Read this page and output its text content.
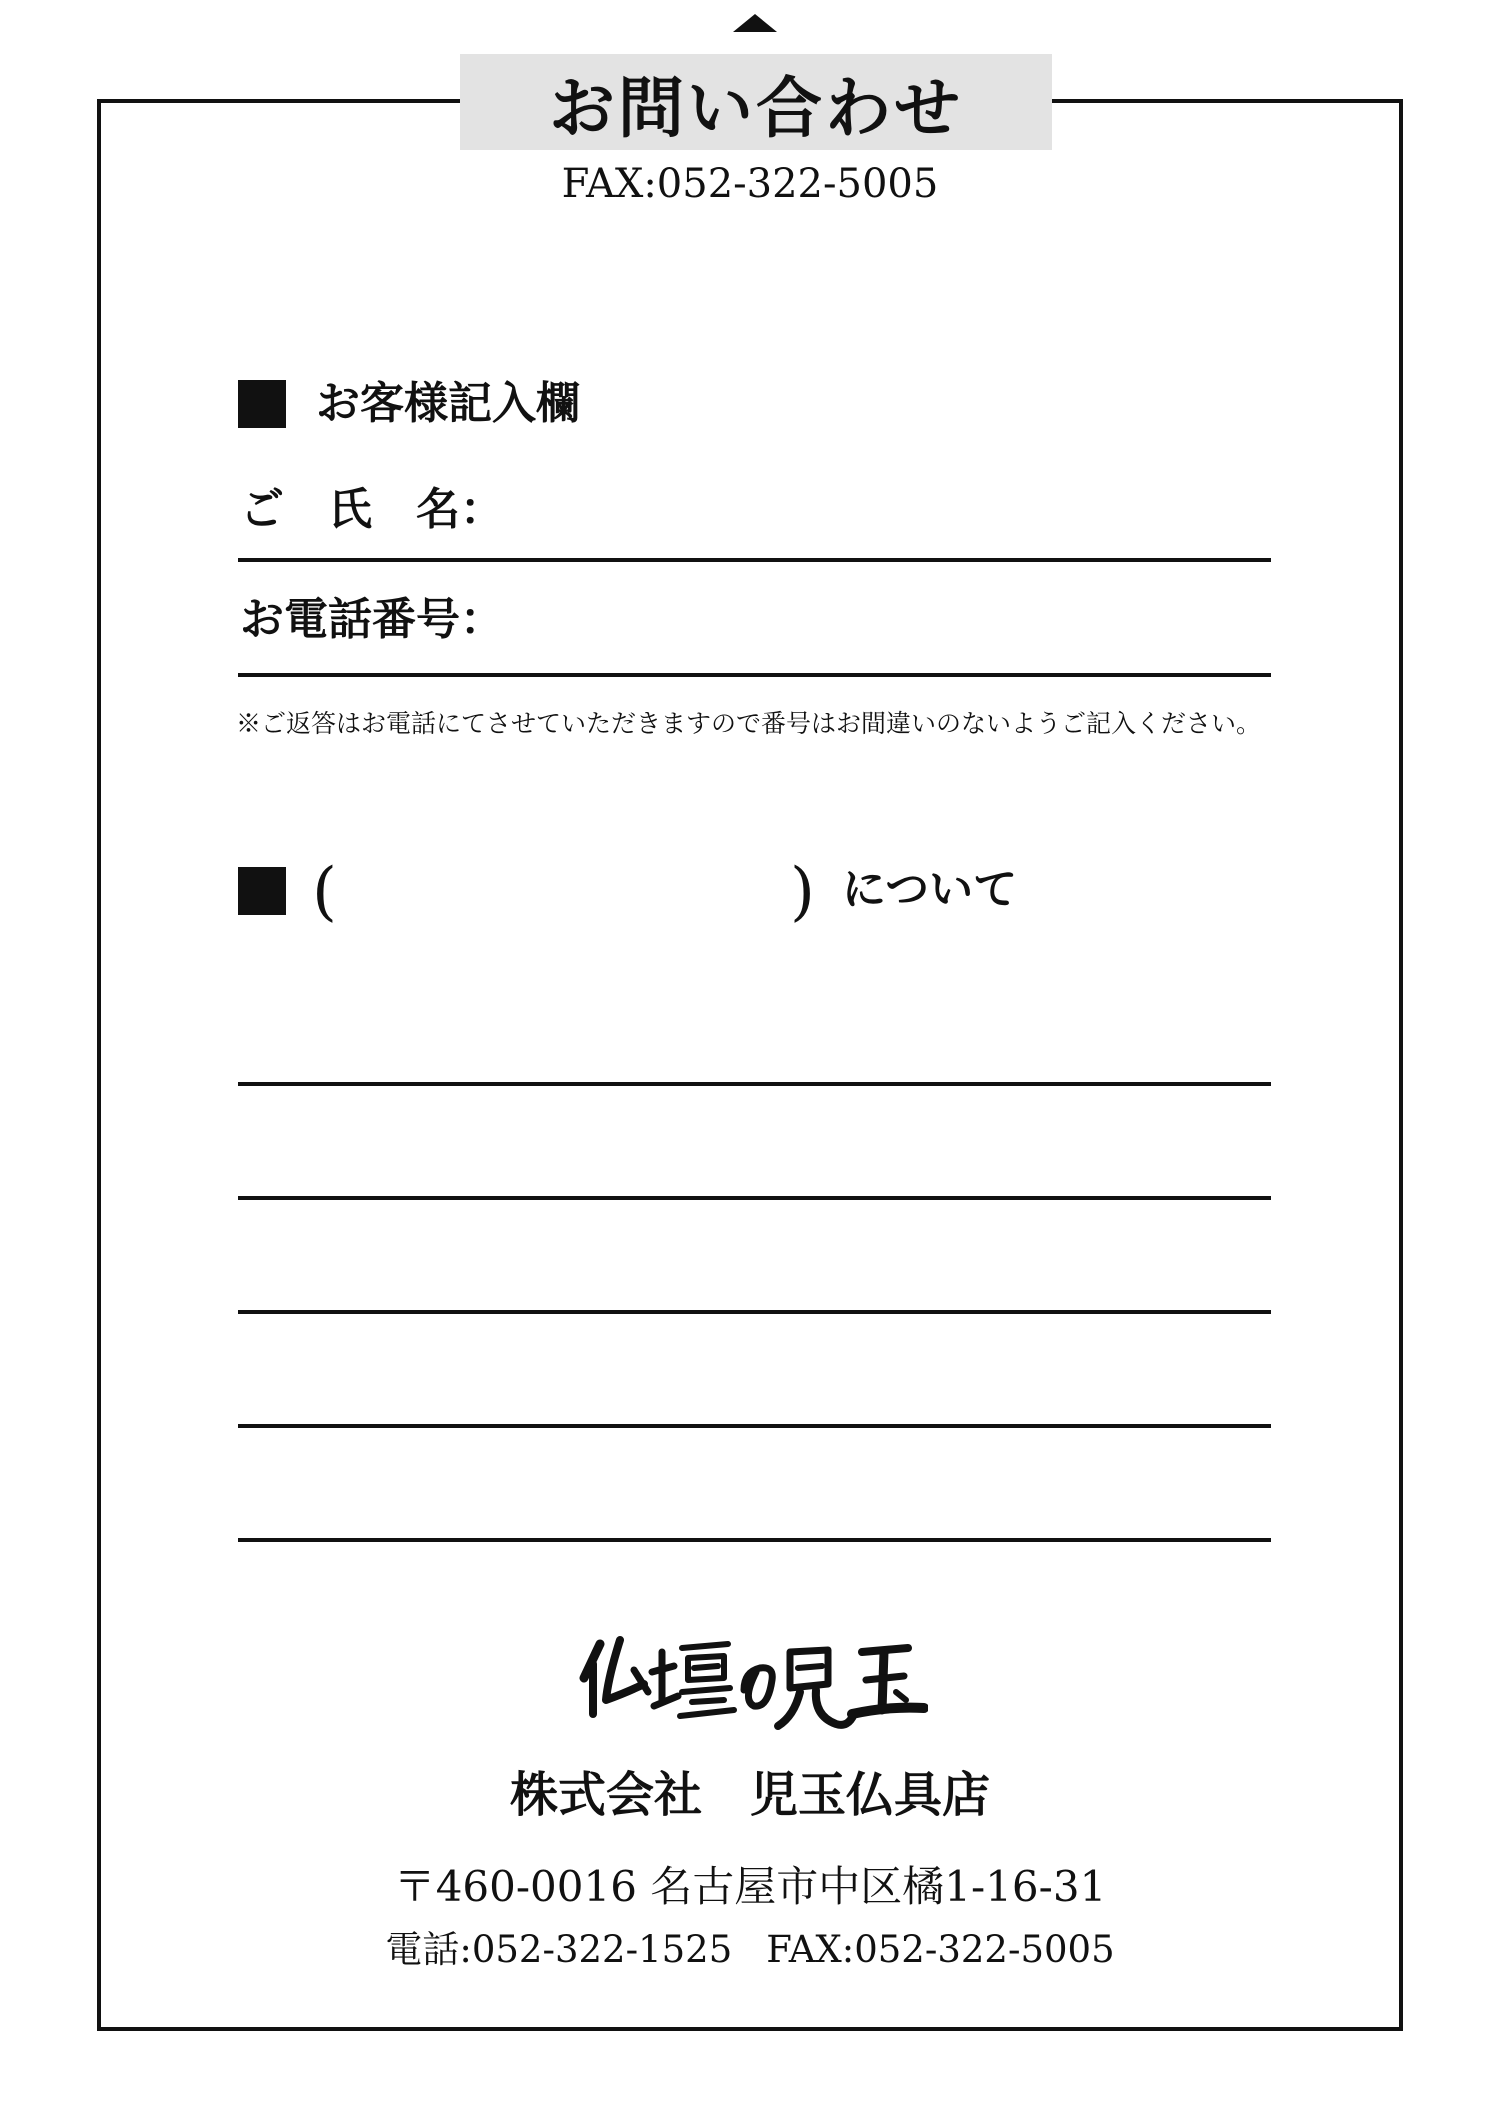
お問い合わせ
FAX:052-322-5005
お客様記入欄
ご　氏　名：
お電話番号：
※ご返答はお電話にてさせていただきますので番号はお間違いのないようご記入ください。
(	) について
株式会社　児玉仏具店
〒460-0016 名古屋市中区橘1-16-31
電話:052-322-1525 FAX:052-322-5005
